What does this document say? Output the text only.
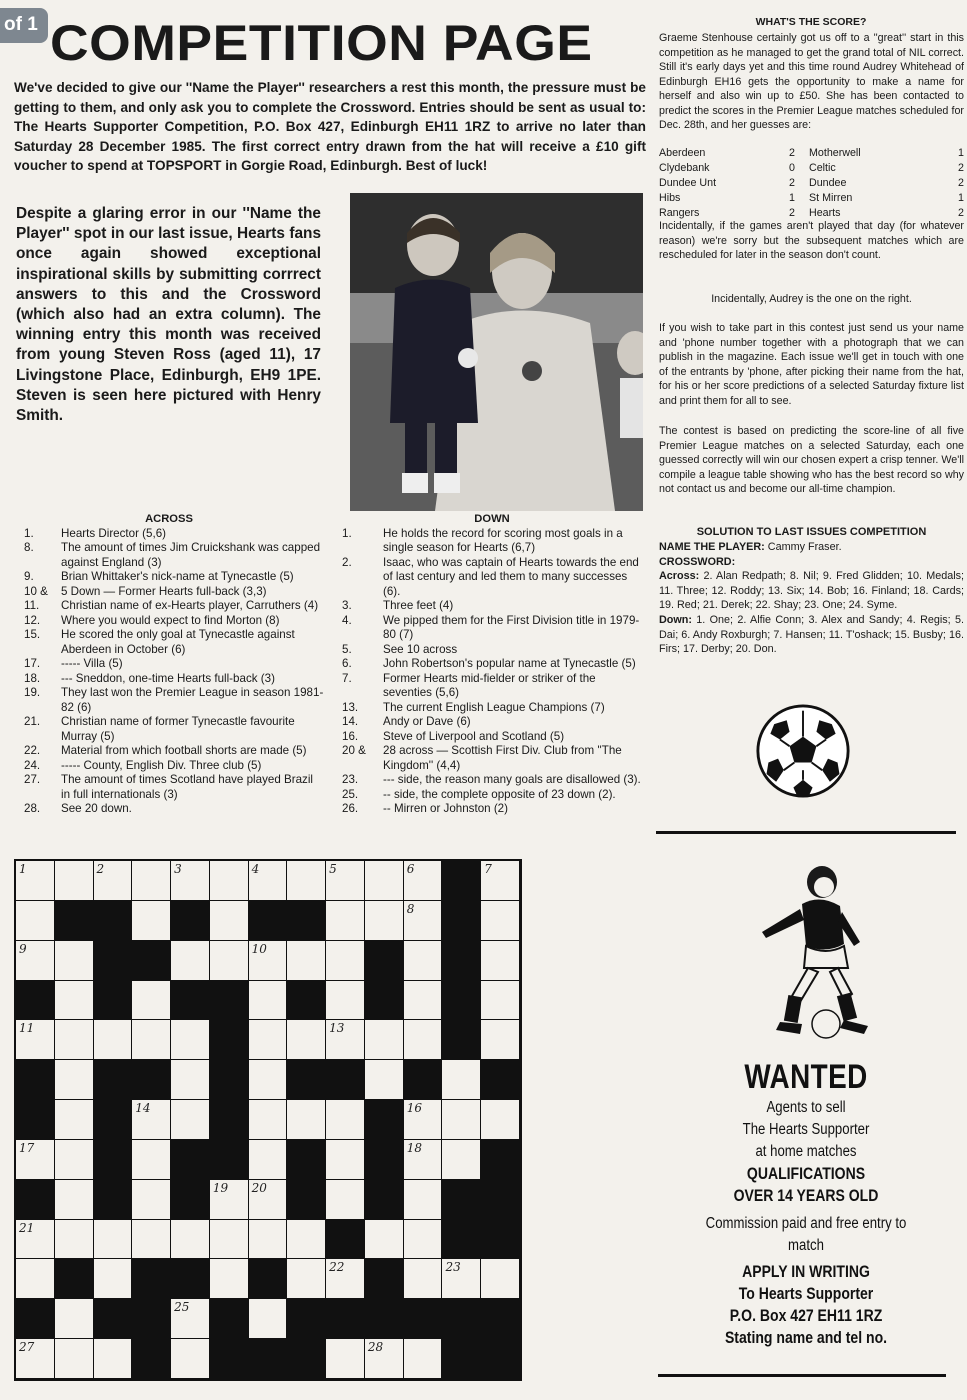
of 1 COMPETITION PAGE
We've decided to give our ''Name the Player'' researchers a rest this month, the pressure must be getting to them, and only ask you to complete the Crossword. Entries should be sent as usual to: The Hearts Supporter Competition, P.O. Box 427, Edinburgh EH11 1RZ to arrive no later than Saturday 28 December 1985. The first correct entry drawn from the hat will receive a £10 gift voucher to spend at TOPSPORT in Gorgie Road, Edinburgh. Best of luck!
Despite a glaring error in our ''Name the Player'' spot in our last issue, Hearts fans once again showed exceptional inspirational skills by submitting corrrect answers to this and the Crossword (which also had an extra column). The winning entry this month was received from young Steven Ross (aged 11), 17 Livingstone Place, Edinburgh, EH9 1PE. Steven is seen here pictured with Henry Smith.
WHAT'S THE SCORE?
Graeme Stenhouse certainly got us off to a ''great'' start in this competition as he managed to get the grand total of NIL correct. Still it's early days yet and this time round Audrey Whitehead of Edinburgh EH16 gets the opportunity to make a name for herself and also win up to £50. She has been contacted to predict the scores in the Premier League matches scheduled for Dec. 28th, and her guesses are:
Aberdeen	2	Motherwell	1
Clydebank	0	Celtic	2
Dundee Unt	2	Dundee	2
Hibs	1	St Mirren	1
Rangers	2	Hearts	2
Incidentally, if the games aren't played that day (for whatever reason) we're sorry but the subsequent matches which are rescheduled for later in the season don't count.
Incidentally, Audrey is the one on the right.
If you wish to take part in this contest just send us your name and 'phone number together with a photograph that we can publish in the magazine. Each issue we'll get in touch with one of the entrants by 'phone, after picking their name from the hat, for his or her score predictions of a selected Saturday fixture list and print them for all to see.
The contest is based on predicting the score-line of all five Premier League matches on a selected Saturday, each one guessed correctly will win our chosen expert a crisp tenner. We'll compile a league table showing who has the best record so why not contact us and become our all-time champion.
SOLUTION TO LAST ISSUES COMPETITION
NAME THE PLAYER: Cammy Fraser.
CROSSWORD:
Across: 2. Alan Redpath; 8. Nil; 9. Fred Glidden; 10. Medals; 11. Three; 12. Roddy; 13. Six; 14. Bob; 16. Finland; 18. Cards; 19. Red; 21. Derek; 22. Shay; 23. One; 24. Syme.
Down: 1. One; 2. Alfie Conn; 3. Alex and Sandy; 4. Regis; 5. Dai; 6. Andy Roxburgh; 7. Hansen; 11. T'oshack; 15. Busby; 16. Firs; 17. Derby; 20. Don.
WANTED
Agents to sell
The Hearts Supporter
at home matches
QUALIFICATIONS
OVER 14 YEARS OLD
Commission paid and free entry to
match
APPLY IN WRITING
To Hearts Supporter
P.O. Box 427 EH11 1RZ
Stating name and tel no.
ACROSS
1.	Hearts Director (5,6)
8.	The amount of times Jim Cruickshank was capped against England (3)
9.	Brian Whittaker's nick-name at Tynecastle (5)
10 &	5 Down — Former Hearts full-back (3,3)
11.	Christian name of ex-Hearts player, Carruthers (4)
12.	Where you would expect to find Morton (8)
15.	He scored the only goal at Tynecastle against Aberdeen in October (6)
17.	----- Villa (5)
18.	--- Sneddon, one-time Hearts full-back (3)
19.	They last won the Premier League in season 1981-82 (6)
21.	Christian name of former Tynecastle favourite Murray (5)
22.	Material from which football shorts are made (5)
24.	----- County, English Div. Three club (5)
27.	The amount of times Scotland have played Brazil in full internationals (3)
28.	See 20 down.
DOWN
1.	He holds the record for scoring most goals in a single season for Hearts (6,7)
2.	Isaac, who was captain of Hearts towards the end of last century and led them to many successes (6).
3.	Three feet (4)
4.	We pipped them for the First Division title in 1979-80 (7)
5.	See 10 across
6.	John Robertson's popular name at Tynecastle (5)
7.	Former Hearts mid-fielder or striker of the seventies (5,6)
13.	The current English League Champions (7)
14.	Andy or Dave (6)
16.	Steve of Liverpool and Scotland (5)
20 &	28 across — Scottish First Div. Club from ''The Kingdom'' (4,4)
23.	--- side, the reason many goals are disallowed (3).
25.	-- side, the complete opposite of 23 down (2).
26.	-- Mirren or Johnston (2)
1	2	3	4	5	6	7
8
9	10
11	13
14	16
17	18
19 20
21
22	23
25
27	28
